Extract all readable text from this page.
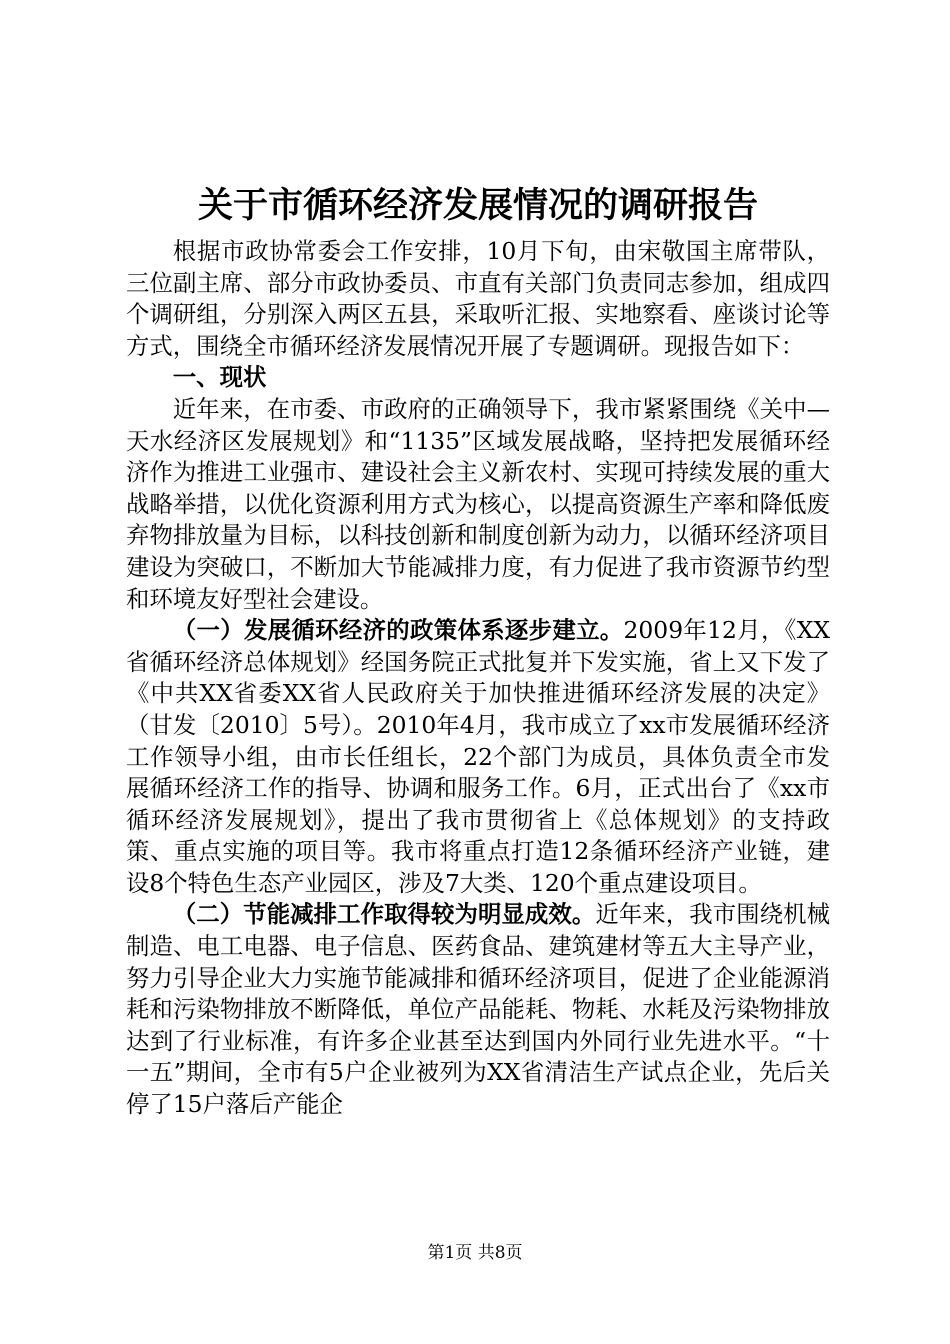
关于市循环经济发展情况的调研报告

根据市政协常委会工作安排，10月下旬，由宋敬国主席带队，三位副主席、部分市政协委员、市直有关部门负责同志参加，组成四个调研组，分别深入两区五县，采取听汇报、实地察看、座谈讨论等方式，围绕全市循环经济发展情况开展了专题调研。现报告如下：

一、现状

近年来，在市委、市政府的正确领导下，我市紧紧围绕《关中—天水经济区发展规划》和“1135”区域发展战略，坚持把发展循环经济作为推进工业强市、建设社会主义新农村、实现可持续发展的重大战略举措，以优化资源利用方式为核心，以提高资源生产率和降低废弃物排放量为目标，以科技创新和制度创新为动力，以循环经济项目建设为突破口，不断加大节能减排力度，有力促进了我市资源节约型和环境友好型社会建设。

（一）发展循环经济的政策体系逐步建立。2009年12月，《XX省循环经济总体规划》经国务院正式批复并下发实施，省上又下发了《中共XX省委XX省人民政府关于加快推进循环经济发展的决定》（甘发〔2010〕5号）。2010年4月，我市成立了xx市发展循环经济工作领导小组，由市长任组长，22个部门为成员，具体负责全市发展循环经济工作的指导、协调和服务工作。6月，正式出台了《xx市循环经济发展规划》，提出了我市贯彻省上《总体规划》的支持政策、重点实施的项目等。我市将重点打造12条循环经济产业链，建设8个特色生态产业园区，涉及7大类、120个重点建设项目。

（二）节能减排工作取得较为明显成效。近年来，我市围绕机械制造、电工电器、电子信息、医药食品、建筑建材等五大主导产业，努力引导企业大力实施节能减排和循环经济项目，促进了企业能源消耗和污染物排放不断降低，单位产品能耗、物耗、水耗及污染物排放达到了行业标准，有许多企业甚至达到国内外同行业先进水平。“十一五”期间，全市有5户企业被列为XX省清洁生产试点企业，先后关停了15户落后产能企

第1页 共8页
